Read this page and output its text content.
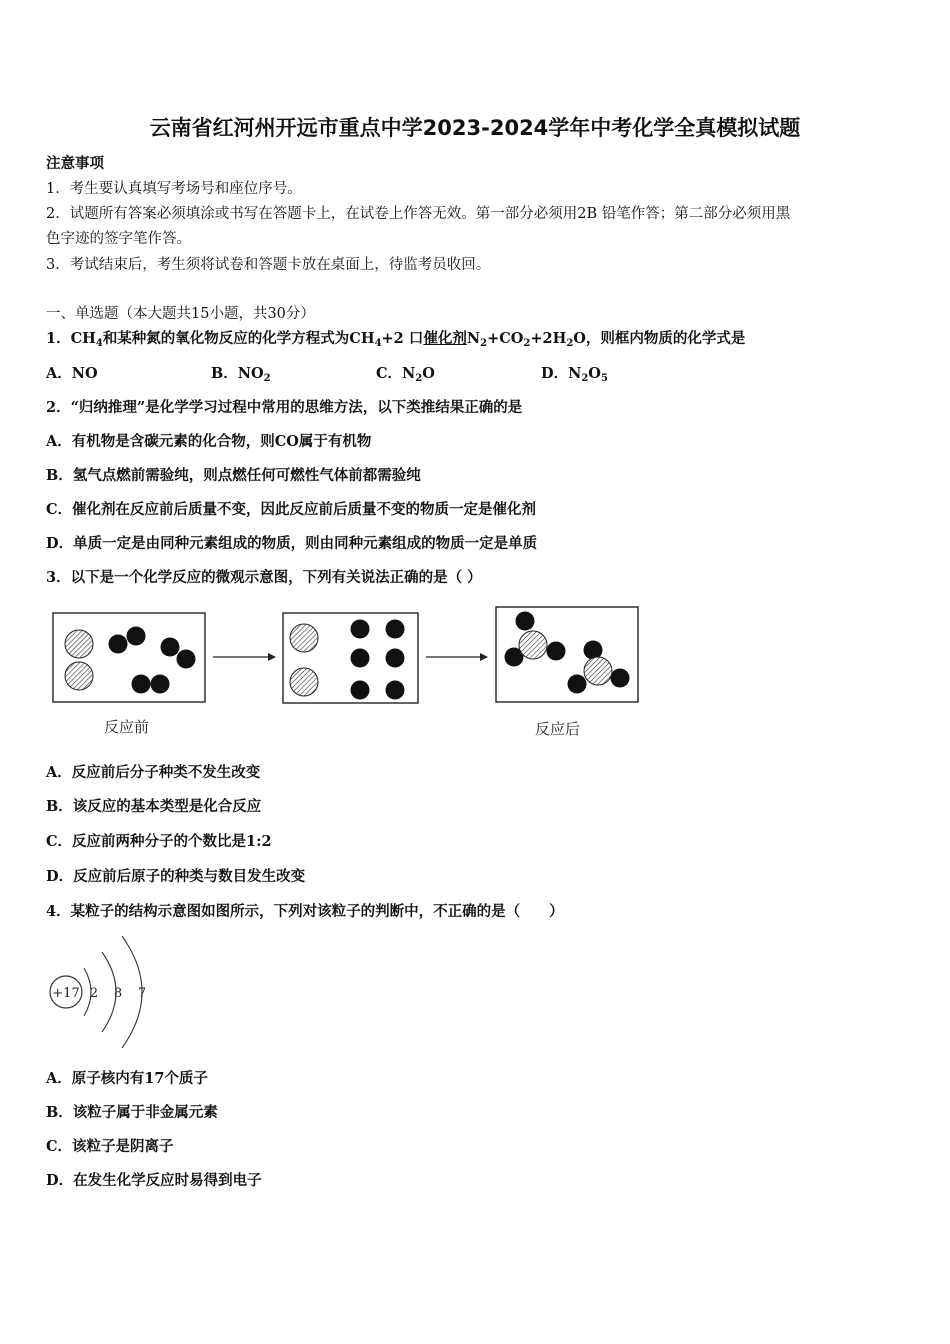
云南省红河州开远市重点中学2023-2024学年中考化学全真模拟试题
注意事项
1．考生要认真填写考场号和座位序号。
2．试题所有答案必须填涂或书写在答题卡上，在试卷上作答无效。第一部分必须用2B 铅笔作答；第二部分必须用黑
色字迹的签字笔作答。
3．考试结束后，考生须将试卷和答题卡放在桌面上，待监考员收回。
一、单选题（本大题共15小题，共30分）
1．$CH_4$和某种氮的氧化物反应的化学方程式为$CH_4+2$ 口催化剂$N_2+CO_2+2H_2O$，则框内物质的化学式是
A．NO	B．$NO_2$	C．$N_2O$	D．$N_2O_5$
2．“归纳推理”是化学学习过程中常用的思维方法，以下类推结果正确的是
A．有机物是含碳元素的化合物，则CO属于有机物
B．氢气点燃前需验纯，则点燃任何可燃性气体前都需验纯
C．催化剂在反应前后质量不变，因此反应前后质量不变的物质一定是催化剂
D．单质一定是由同种元素组成的物质，则由同种元素组成的物质一定是单质
3．以下是一个化学反应的微观示意图，下列有关说法正确的是（ ）
反应前	反应后
A．反应前后分子种类不发生改变
B．该反应的基本类型是化合反应
C．反应前两种分子的个数比是1:2
D．反应前后原子的种类与数目发生改变
4．某粒子的结构示意图如图所示，下列对该粒子的判断中，不正确的是（　　）
+17 2 8 7
A．原子核内有17个质子
B．该粒子属于非金属元素
C．该粒子是阴离子
D．在发生化学反应时易得到电子
